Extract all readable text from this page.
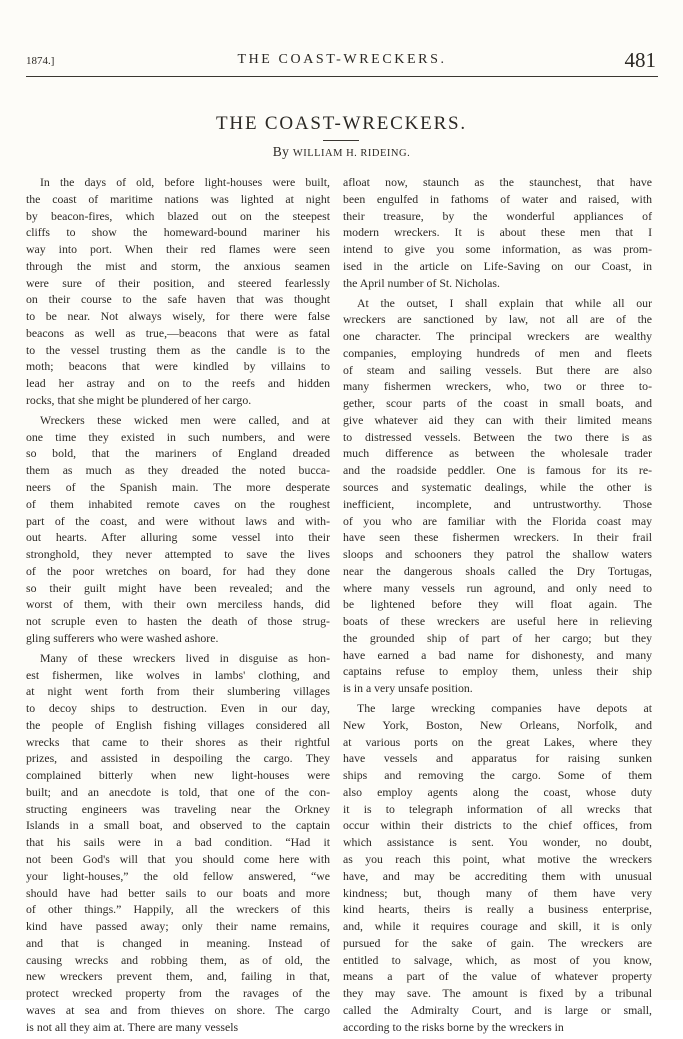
1874.]	THE COAST-WRECKERS.	481
THE COAST-WRECKERS.
By WILLIAM H. RIDEING.

In the days of old, before light-houses were built,
the coast of maritime nations was lighted at night
by beacon-fires, which blazed out on the steepest
cliffs to show the homeward-bound mariner his
way into port. When their red flames were seen
through the mist and storm, the anxious seamen
were sure of their position, and steered fearlessly
on their course to the safe haven that was thought
to be near. Not always wisely, for there were false
beacons as well as true,—beacons that were as fatal
to the vessel trusting them as the candle is to the
moth; beacons that were kindled by villains to
lead her astray and on to the reefs and hidden
rocks, that she might be plundered of her cargo.

Wreckers these wicked men were called, and at
one time they existed in such numbers, and were
so bold, that the mariners of England dreaded
them as much as they dreaded the noted bucca-
neers of the Spanish main. The more desperate
of them inhabited remote caves on the roughest
part of the coast, and were without laws and with-
out hearts. After alluring some vessel into their
stronghold, they never attempted to save the lives
of the poor wretches on board, for had they done
so their guilt might have been revealed; and the
worst of them, with their own merciless hands, did
not scruple even to hasten the death of those strug-
gling sufferers who were washed ashore.

Many of these wreckers lived in disguise as hon-
est fishermen, like wolves in lambs' clothing, and
at night went forth from their slumbering villages
to decoy ships to destruction. Even in our day,
the people of English fishing villages considered all
wrecks that came to their shores as their rightful
prizes, and assisted in despoiling the cargo. They
complained bitterly when new light-houses were
built; and an anecdote is told, that one of the con-
structing engineers was traveling near the Orkney
Islands in a small boat, and observed to the captain
that his sails were in a bad condition. “Had it
not been God's will that you should come here with
your light-houses,” the old fellow answered, “we
should have had better sails to our boats and more
of other things.” Happily, all the wreckers of this
kind have passed away; only their name remains,
and that is changed in meaning. Instead of
causing wrecks and robbing them, as of old, the
new wreckers prevent them, and, failing in that,
protect wrecked property from the ravages of the
waves at sea and from thieves on shore. The cargo
is not all they aim at. There are many vessels

afloat now, staunch as the staunchest, that have
been engulfed in fathoms of water and raised, with
their treasure, by the wonderful appliances of
modern wreckers. It is about these men that I
intend to give you some information, as was prom-
ised in the article on Life-Saving on our Coast, in
the April number of St. Nicholas.

At the outset, I shall explain that while all our
wreckers are sanctioned by law, not all are of the
one character. The principal wreckers are wealthy
companies, employing hundreds of men and fleets
of steam and sailing vessels. But there are also
many fishermen wreckers, who, two or three to-
gether, scour parts of the coast in small boats, and
give whatever aid they can with their limited means
to distressed vessels. Between the two there is as
much difference as between the wholesale trader
and the roadside peddler. One is famous for its re-
sources and systematic dealings, while the other is
inefficient, incomplete, and untrustworthy. Those
of you who are familiar with the Florida coast may
have seen these fishermen wreckers. In their frail
sloops and schooners they patrol the shallow waters
near the dangerous shoals called the Dry Tortugas,
where many vessels run aground, and only need to
be lightened before they will float again. The
boats of these wreckers are useful here in relieving
the grounded ship of part of her cargo; but they
have earned a bad name for dishonesty, and many
captains refuse to employ them, unless their ship
is in a very unsafe position.

The large wrecking companies have depots at
New York, Boston, New Orleans, Norfolk, and
at various ports on the great Lakes, where they
have vessels and apparatus for raising sunken
ships and removing the cargo. Some of them
also employ agents along the coast, whose duty
it is to telegraph information of all wrecks that
occur within their districts to the chief offices, from
which assistance is sent. You wonder, no doubt,
as you reach this point, what motive the wreckers
have, and may be accrediting them with unusual
kindness; but, though many of them have very
kind hearts, theirs is really a business enterprise,
and, while it requires courage and skill, it is only
pursued for the sake of gain. The wreckers are
entitled to salvage, which, as most of you know,
means a part of the value of whatever property
they may save. The amount is fixed by a tribunal
called the Admiralty Court, and is large or small,
according to the risks borne by the wreckers in
